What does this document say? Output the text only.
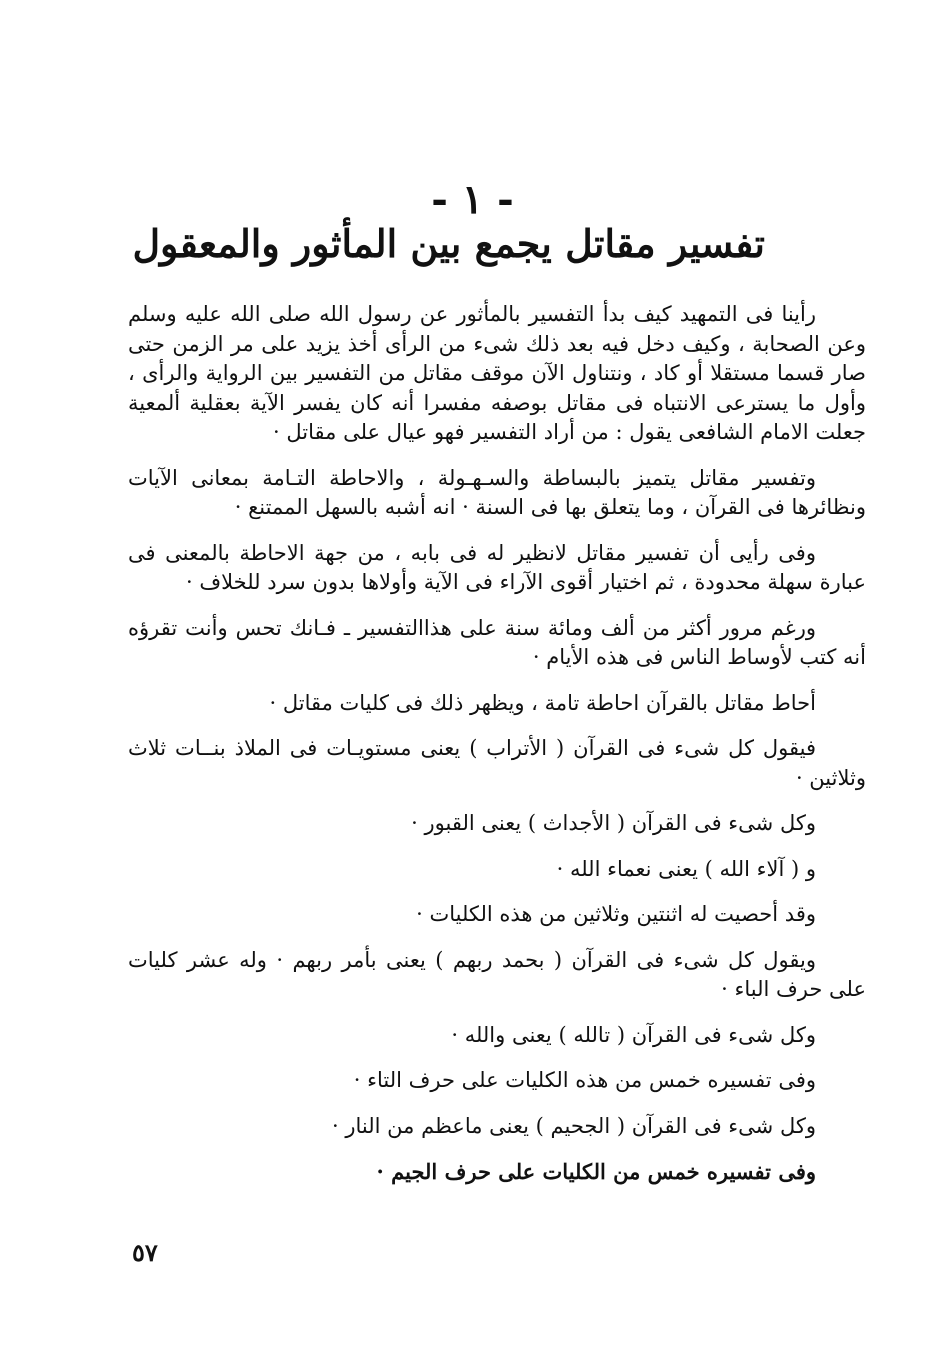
- ١ -
تفسير مقاتل يجمع بين المأثور والمعقول

رأينا فى التمهيد كيف بدأ التفسير بالمأثور عن رسول الله صلى الله عليه وسلم وعن الصحابة ، وكيف دخل فيه بعد ذلك شىء من الرأى أخذ يزيد على مر الزمن حتى صار قسما مستقلا أو كاد ، ونتناول الآن موقف مقاتل من التفسير بين الرواية والرأى ، وأول ما يسترعى الانتباه فى مقاتل بوصفه مفسرا أنه كان يفسر الآية بعقلية ألمعية جعلت الامام الشافعى يقول : من أراد التفسير فهو عيال على مقاتل ·

وتفسير مقاتل يتميز بالبساطة والسـهـولة ، والاحاطة التـامة بمعانى الآيات ونظائرها فى القرآن ، وما يتعلق بها فى السنة · انه أشبه بالسهل الممتنع ·

وفى رأيى أن تفسير مقاتل لانظير له فى بابه ، من جهة الاحاطة بالمعنى فى عبارة سهلة محدودة ، ثم اختيار أقوى الآراء فى الآية وأولاها بدون سرد للخلاف ·

ورغم مرور أكثر من ألف ومائة سنة على هذاالتفسير ـ فـانك تحس وأنت تقرؤه أنه كتب لأوساط الناس فى هذه الأيام ·

أحاط مقاتل بالقرآن احاطة تامة ، ويظهر ذلك فى كليات مقاتل ·

فيقول كل شىء فى القرآن ( الأتراب ) يعنى مستويـات فى الملاذ بنــات ثلاث وثلاثين ·

وكل شىء فى القرآن ( الأجداث ) يعنى القبور ·

و ( آلاء الله ) يعنى نعماء الله ·

وقد أحصيت له اثنتين وثلاثين من هذه الكليات ·

ويقول كل شىء فى القرآن ( بحمد ربهم ) يعنى بأمر ربهم · وله عشر كليات على حرف الباء ·

وكل شىء فى القرآن ( تالله ) يعنى والله ·

وفى تفسيره خمس من هذه الكليات على حرف التاء ·

وكل شىء فى القرآن ( الجحيم ) يعنى ماعظم من النار ·

وفى تفسيره خمس من الكليات على حرف الجيم ·

٥٧
